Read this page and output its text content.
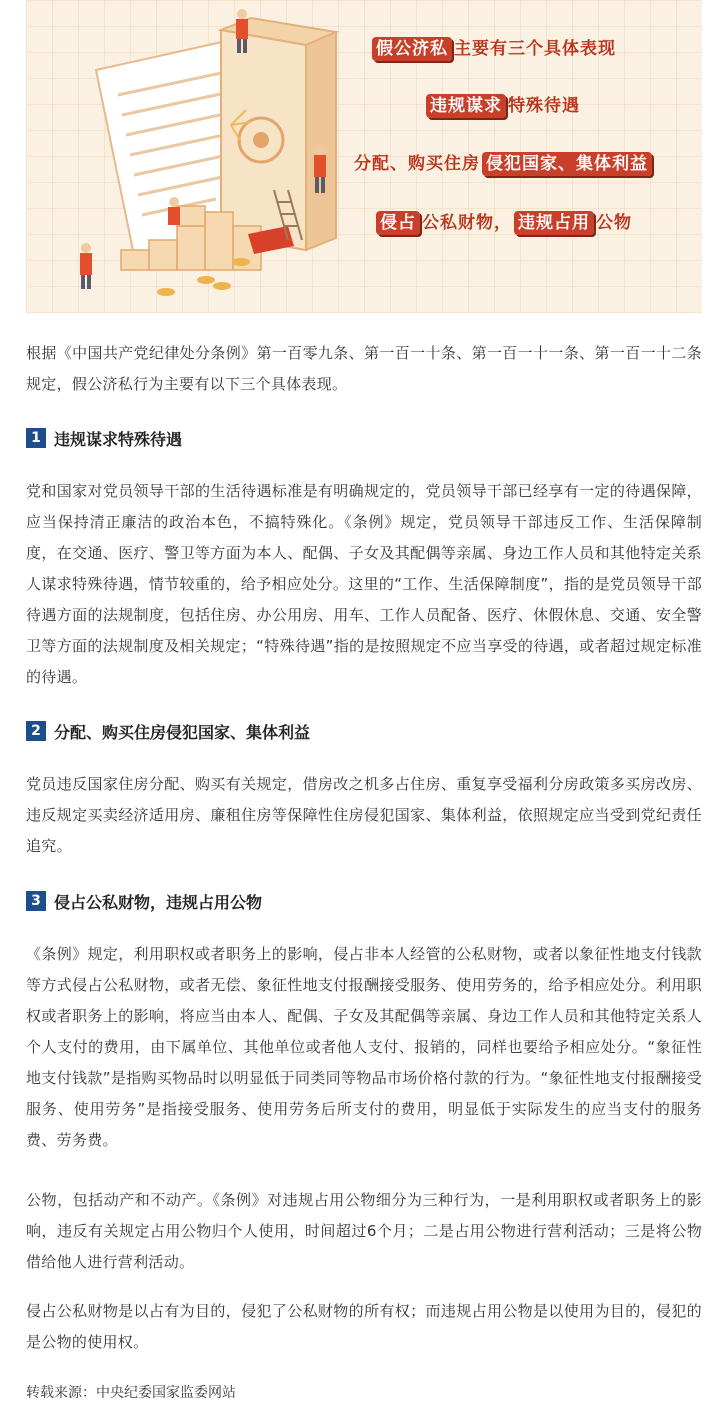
假公济私 主要有三个具体表现
违规谋求 特殊待遇
分配、购买住房 侵犯国家、集体利益
侵占 公私财物， 违规占用 公物

根据《中国共产党纪律处分条例》第一百零九条、第一百一十条、第一百一十一条、第一百一十二条规定，假公济私行为主要有以下三个具体表现。

1 违规谋求特殊待遇

党和国家对党员领导干部的生活待遇标准是有明确规定的，党员领导干部已经享有一定的待遇保障，应当保持清正廉洁的政治本色，不搞特殊化。《条例》规定，党员领导干部违反工作、生活保障制度，在交通、医疗、警卫等方面为本人、配偶、子女及其配偶等亲属、身边工作人员和其他特定关系人谋求特殊待遇，情节较重的，给予相应处分。这里的“工作、生活保障制度”，指的是党员领导干部待遇方面的法规制度，包括住房、办公用房、用车、工作人员配备、医疗、休假休息、交通、安全警卫等方面的法规制度及相关规定；“特殊待遇”指的是按照规定不应当享受的待遇，或者超过规定标准的待遇。

2 分配、购买住房侵犯国家、集体利益

党员违反国家住房分配、购买有关规定，借房改之机多占住房、重复享受福利分房政策多买房改房、违反规定买卖经济适用房、廉租住房等保障性住房侵犯国家、集体利益，依照规定应当受到党纪责任追究。

3 侵占公私财物，违规占用公物

《条例》规定，利用职权或者职务上的影响，侵占非本人经管的公私财物，或者以象征性地支付钱款等方式侵占公私财物，或者无偿、象征性地支付报酬接受服务、使用劳务的，给予相应处分。利用职权或者职务上的影响，将应当由本人、配偶、子女及其配偶等亲属、身边工作人员和其他特定关系人个人支付的费用，由下属单位、其他单位或者他人支付、报销的，同样也要给予相应处分。“象征性地支付钱款”是指购买物品时以明显低于同类同等物品市场价格付款的行为。“象征性地支付报酬接受服务、使用劳务”是指接受服务、使用劳务后所支付的费用，明显低于实际发生的应当支付的服务费、劳务费。

公物，包括动产和不动产。《条例》对违规占用公物细分为三种行为，一是利用职权或者职务上的影响，违反有关规定占用公物归个人使用，时间超过6个月；二是占用公物进行营利活动；三是将公物借给他人进行营利活动。

侵占公私财物是以占有为目的，侵犯了公私财物的所有权；而违规占用公物是以使用为目的，侵犯的是公物的使用权。

转载来源：中央纪委国家监委网站
